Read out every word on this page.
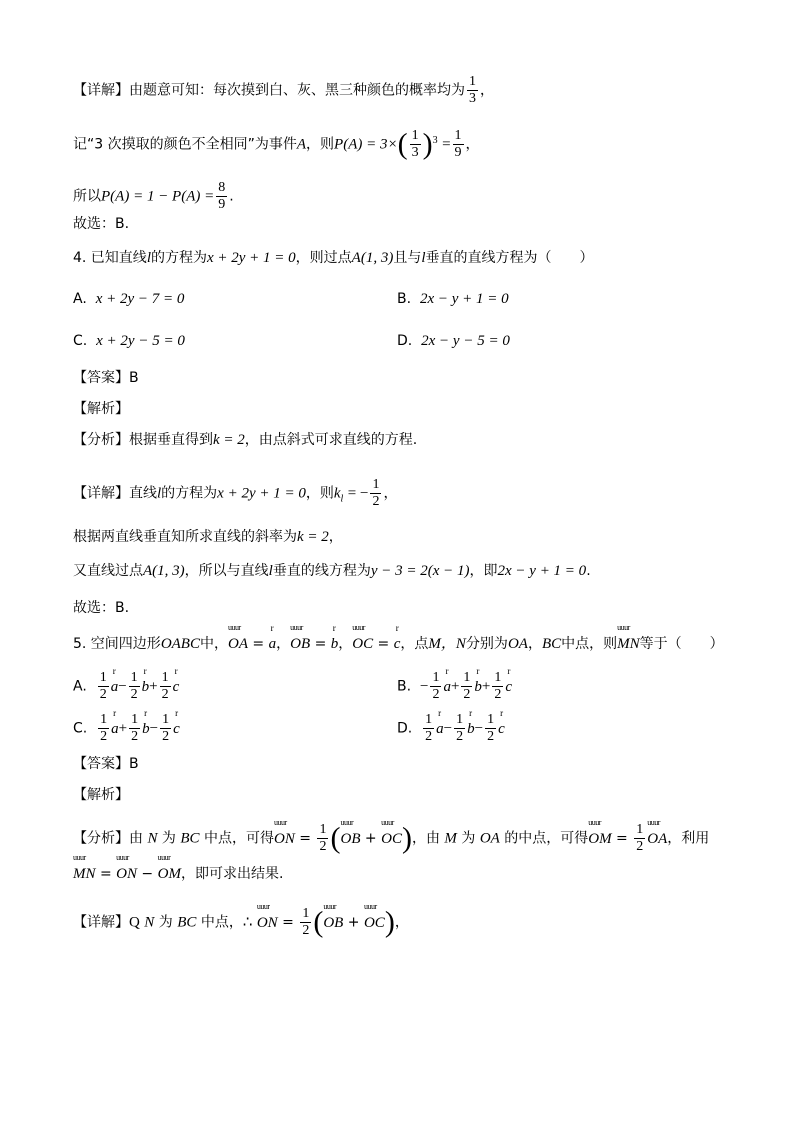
【详解】由题意可知：每次摸到白、灰、黑三种颜色的概率均为 $\frac{1}{3}$ ，
记“3 次摸取的颜色不全相同”为事件A，则$P(A) = 3\times( \frac{1}{3} )^3 = \frac{1}{9}$ ，
所以$P(A) = 1 - P(A) = \frac{8}{9}$ .
故选：B.
4. 已知直线l的方程为x + 2y + 1 = 0，则过点A(1, 3)且与l垂直的直线方程为（　　）
A. x + 2y − 7 = 0	B. 2x − y + 1 = 0
C. x + 2y − 5 = 0	D. 2x − y − 5 = 0
【答案】B
【解析】
【分析】根据垂直得到k = 2，由点斜式可求直线的方程.
【详解】直线l的方程为x + 2y + 1 = 0，则$k_l$ = − $\frac{1}{2}$ ，
根据两直线垂直知所求直线的斜率为k = 2，
又直线过点A(1, 3)，所以与直线l垂直的线方程为y − 3 = 2(x − 1)，即2x − y + 1 = 0.
故选：B.
5. 空间四边形OABC中，uuur OA = r a，uuur OB = r b，uuur OC = r c，点M，N分别为OA，BC中点，则uuur MN等于（　　）
A. $\frac{1}{2}$ r $a- \frac{1}{2}$ r $b+ \frac{1}{2}$ r c	B. − $\frac{1}{2}$ r $a+ \frac{1}{2}$ r $b+ \frac{1}{2}$ r c
C. $\frac{1}{2}$ r $a+ \frac{1}{2}$ r $b- \frac{1}{2}$ r c	D. $\frac{1}{2}$ r $a- \frac{1}{2}$ r $b- \frac{1}{2}$ r c
【答案】B
【解析】
【分析】由 N 为 BC 中点，可得uuur ON = $\frac{1}{2}$ (uuur OB + uuur OC)，由 M 为 OA 的中点，可得uuur OM = $\frac{1}{2}$ uuur OA，利用
uuur MN = uuur ON − uuur OM，即可求出结果.
【详解】Q N 为 BC 中点，∴ uuur ON = $\frac{1}{2}$ (uuur OB + uuur OC)，
